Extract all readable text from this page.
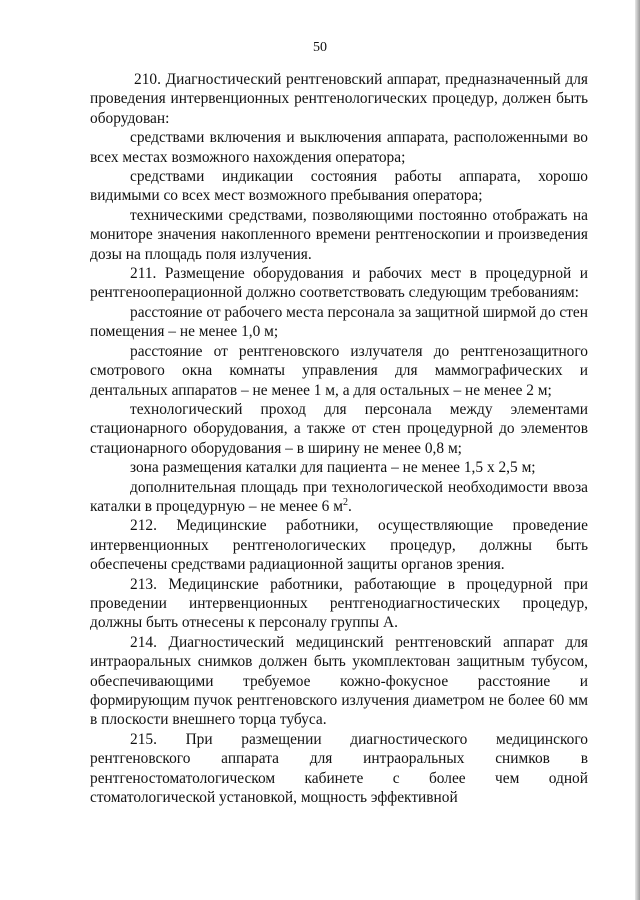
50

210. Диагностический рентгеновский аппарат, предназначенный для проведения интервенционных рентгенологических процедур, должен быть оборудован:

средствами включения и выключения аппарата, расположенными во всех местах возможного нахождения оператора;

средствами индикации состояния работы аппарата, хорошо видимыми со всех мест возможного пребывания оператора;

техническими средствами, позволяющими постоянно отображать на мониторе значения накопленного времени рентгеноскопии и произведения дозы на площадь поля излучения.

211. Размещение оборудования и рабочих мест в процедурной и рентгенооперационной должно соответствовать следующим требованиям:

расстояние от рабочего места персонала за защитной ширмой до стен помещения – не менее 1,0 м;

расстояние от рентгеновского излучателя до рентгенозащитного смотрового окна комнаты управления для маммографических и дентальных аппаратов – не менее 1 м, а для остальных – не менее 2 м;

технологический проход для персонала между элементами стационарного оборудования, а также от стен процедурной до элементов стационарного оборудования – в ширину не менее 0,8 м;

зона размещения каталки для пациента – не менее 1,5 х 2,5 м;

дополнительная площадь при технологической необходимости ввоза каталки в процедурную – не менее 6 $м^2$.

212. Медицинские работники, осуществляющие проведение интервенционных рентгенологических процедур, должны быть обеспечены средствами радиационной защиты органов зрения.

213. Медицинские работники, работающие в процедурной при проведении интервенционных рентгенодиагностических процедур, должны быть отнесены к персоналу группы А.

214. Диагностический медицинский рентгеновский аппарат для интраоральных снимков должен быть укомплектован защитным тубусом, обеспечивающими требуемое кожно-фокусное расстояние и формирующим пучок рентгеновского излучения диаметром не более 60 мм в плоскости внешнего торца тубуса.

215. При размещении диагностического медицинского рентгеновского аппарата для интраоральных снимков в рентгеностоматологическом кабинете с более чем одной стоматологической установкой, мощность эффективной
